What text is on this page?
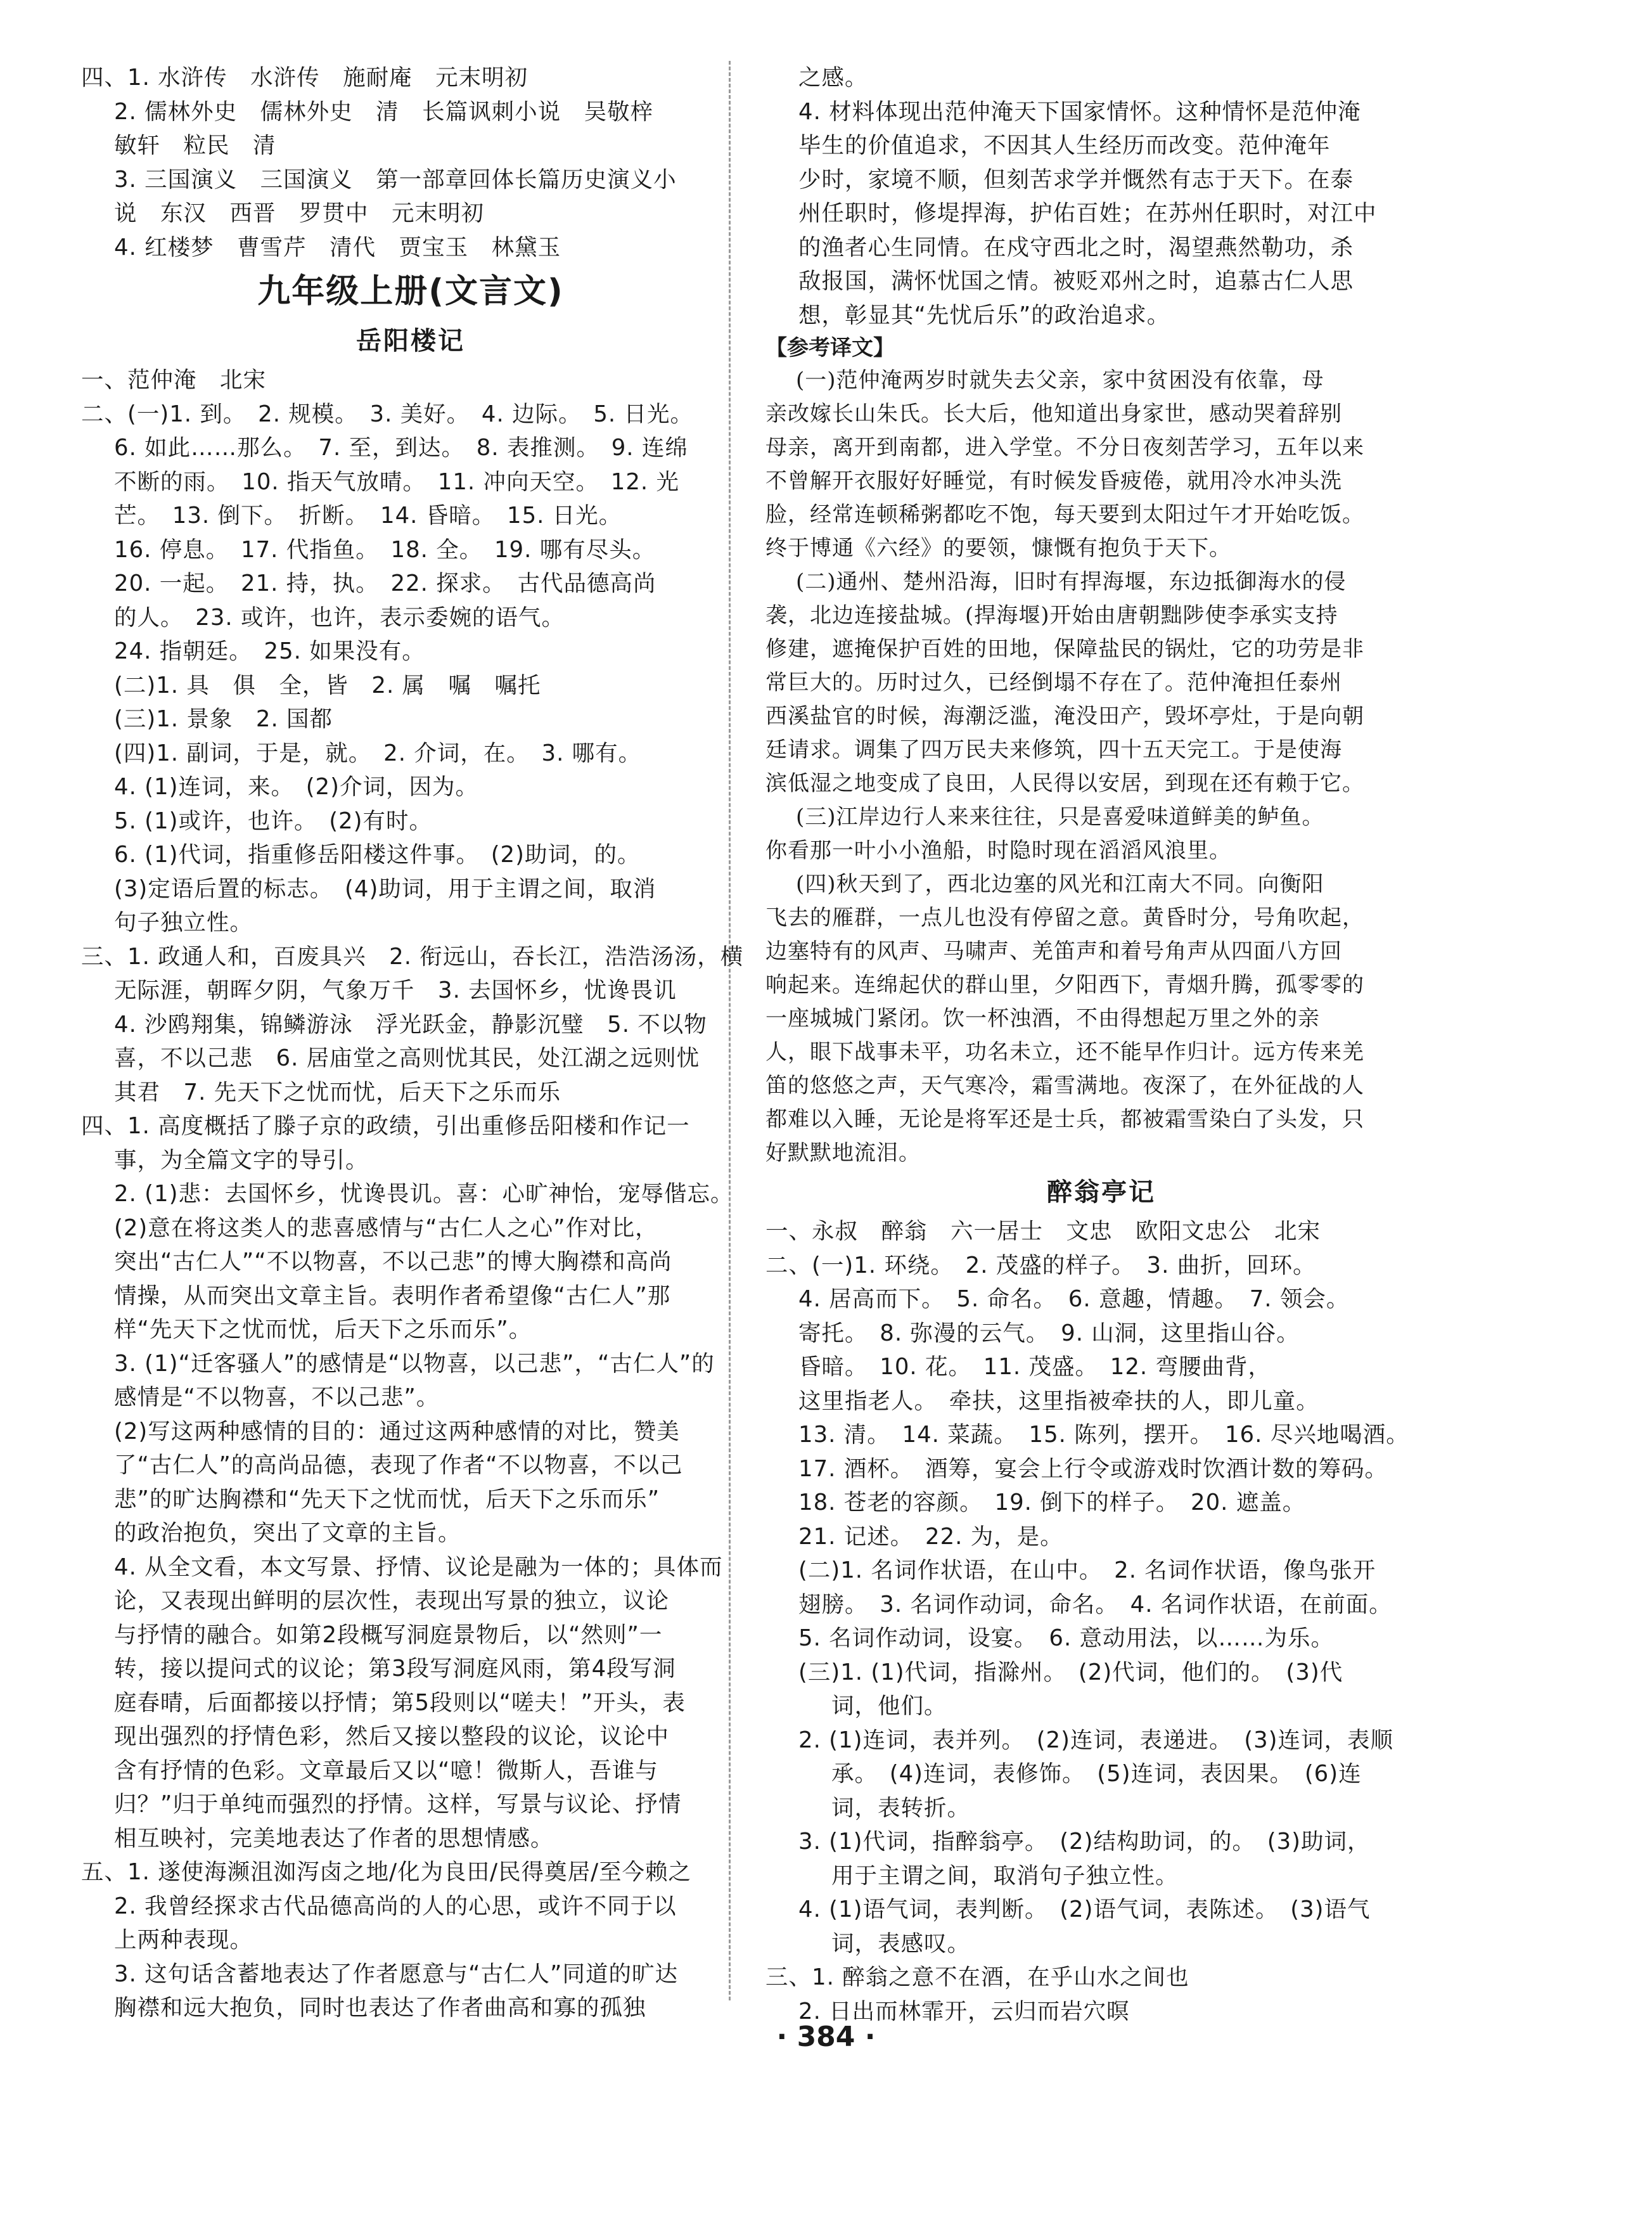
四、1. 水浒传　水浒传　施耐庵　元末明初
2. 儒林外史　儒林外史　清　长篇讽刺小说　吴敬梓
敏轩　粒民　清
3. 三国演义　三国演义　第一部章回体长篇历史演义小
说　东汉　西晋　罗贯中　元末明初
4. 红楼梦　曹雪芹　清代　贾宝玉　林黛玉
九年级上册(文言文)
岳阳楼记
一、范仲淹　北宋
二、(一)1. 到。　2. 规模。　3. 美好。　4. 边际。　5. 日光。
6. 如此……那么。　7. 至，到达。　8. 表推测。　9. 连绵
不断的雨。　10. 指天气放晴。　11. 冲向天空。　12. 光
芒。　13. 倒下。　折断。　14. 昏暗。　15. 日光。
16. 停息。　17. 代指鱼。　18. 全。　19. 哪有尽头。
20. 一起。　21. 持，执。　22. 探求。　古代品德高尚
的人。　23. 或许，也许，表示委婉的语气。
24. 指朝廷。　25. 如果没有。
(二)1. 具　俱　全，皆　2. 属　嘱　嘱托
(三)1. 景象　2. 国都
(四)1. 副词，于是，就。　2. 介词，在。　3. 哪有。
4. (1)连词，来。　(2)介词，因为。
5. (1)或许，也许。　(2)有时。
6. (1)代词，指重修岳阳楼这件事。　(2)助词，的。
(3)定语后置的标志。　(4)助词，用于主谓之间，取消
句子独立性。
三、1. 政通人和，百废具兴　2. 衔远山，吞长江，浩浩汤汤，横
无际涯，朝晖夕阴，气象万千　3. 去国怀乡，忧谗畏讥
4. 沙鸥翔集，锦鳞游泳　浮光跃金，静影沉璧　5. 不以物
喜，不以己悲　6. 居庙堂之高则忧其民，处江湖之远则忧
其君　7. 先天下之忧而忧，后天下之乐而乐
四、1. 高度概括了滕子京的政绩，引出重修岳阳楼和作记一
事，为全篇文字的导引。
2. (1)悲：去国怀乡，忧谗畏讥。喜：心旷神怡，宠辱偕忘。
(2)意在将这类人的悲喜感情与“古仁人之心”作对比，
突出“古仁人”“不以物喜，不以己悲”的博大胸襟和高尚
情操，从而突出文章主旨。表明作者希望像“古仁人”那
样“先天下之忧而忧，后天下之乐而乐”。
3. (1)“迁客骚人”的感情是“以物喜，以己悲”，“古仁人”的
感情是“不以物喜，不以己悲”。
(2)写这两种感情的目的：通过这两种感情的对比，赞美
了“古仁人”的高尚品德，表现了作者“不以物喜，不以己
悲”的旷达胸襟和“先天下之忧而忧，后天下之乐而乐”
的政治抱负，突出了文章的主旨。
4. 从全文看，本文写景、抒情、议论是融为一体的；具体而
论，又表现出鲜明的层次性，表现出写景的独立，议论
与抒情的融合。如第2段概写洞庭景物后，以“然则”一
转，接以提问式的议论；第3段写洞庭风雨，第4段写洞
庭春晴，后面都接以抒情；第5段则以“嗟夫！”开头，表
现出强烈的抒情色彩，然后又接以整段的议论，议论中
含有抒情的色彩。文章最后又以“噫！微斯人，吾谁与
归？”归于单纯而强烈的抒情。这样，写景与议论、抒情
相互映衬，完美地表达了作者的思想情感。
五、1. 遂使海濒沮洳泻卤之地/化为良田/民得奠居/至今赖之
2. 我曾经探求古代品德高尚的人的心思，或许不同于以
上两种表现。
3. 这句话含蓄地表达了作者愿意与“古仁人”同道的旷达
胸襟和远大抱负，同时也表达了作者曲高和寡的孤独
之感。
4. 材料体现出范仲淹天下国家情怀。这种情怀是范仲淹
毕生的价值追求，不因其人生经历而改变。范仲淹年
少时，家境不顺，但刻苦求学并慨然有志于天下。在泰
州任职时，修堤捍海，护佑百姓；在苏州任职时，对江中
的渔者心生同情。在戍守西北之时，渴望燕然勒功，杀
敌报国，满怀忧国之情。被贬邓州之时，追慕古仁人思
想，彰显其“先忧后乐”的政治追求。
【参考译文】
(一)范仲淹两岁时就失去父亲，家中贫困没有依靠，母
亲改嫁长山朱氏。长大后，他知道出身家世，感动哭着辞别
母亲，离开到南都，进入学堂。不分日夜刻苦学习，五年以来
不曾解开衣服好好睡觉，有时候发昏疲倦，就用冷水冲头洗
脸，经常连顿稀粥都吃不饱，每天要到太阳过午才开始吃饭。
终于博通《六经》的要领，慷慨有抱负于天下。
(二)通州、楚州沿海，旧时有捍海堰，东边抵御海水的侵
袭，北边连接盐城。(捍海堰)开始由唐朝黜陟使李承实支持
修建，遮掩保护百姓的田地，保障盐民的锅灶，它的功劳是非
常巨大的。历时过久，已经倒塌不存在了。范仲淹担任泰州
西溪盐官的时候，海潮泛滥，淹没田产，毁坏亭灶，于是向朝
廷请求。调集了四万民夫来修筑，四十五天完工。于是使海
滨低湿之地变成了良田，人民得以安居，到现在还有赖于它。
(三)江岸边行人来来往往，只是喜爱味道鲜美的鲈鱼。
你看那一叶小小渔船，时隐时现在滔滔风浪里。
(四)秋天到了，西北边塞的风光和江南大不同。向衡阳
飞去的雁群，一点儿也没有停留之意。黄昏时分，号角吹起，
边塞特有的风声、马啸声、羌笛声和着号角声从四面八方回
响起来。连绵起伏的群山里，夕阳西下，青烟升腾，孤零零的
一座城城门紧闭。饮一杯浊酒，不由得想起万里之外的亲
人，眼下战事未平，功名未立，还不能早作归计。远方传来羌
笛的悠悠之声，天气寒冷，霜雪满地。夜深了，在外征战的人
都难以入睡，无论是将军还是士兵，都被霜雪染白了头发，只
好默默地流泪。
醉翁亭记
一、永叔　醉翁　六一居士　文忠　欧阳文忠公　北宋
二、(一)1. 环绕。　2. 茂盛的样子。　3. 曲折，回环。
4. 居高而下。　5. 命名。　6. 意趣，情趣。　7. 领会。
寄托。　8. 弥漫的云气。　9. 山洞，这里指山谷。
昏暗。　10. 花。　11. 茂盛。　12. 弯腰曲背，
这里指老人。　牵扶，这里指被牵扶的人，即儿童。
13. 清。　14. 菜蔬。　15. 陈列，摆开。　16. 尽兴地喝酒。
17. 酒杯。　酒筹，宴会上行令或游戏时饮酒计数的筹码。
18. 苍老的容颜。　19. 倒下的样子。　20. 遮盖。
21. 记述。　22. 为，是。
(二)1. 名词作状语，在山中。　2. 名词作状语，像鸟张开
翅膀。　3. 名词作动词，命名。　4. 名词作状语，在前面。
5. 名词作动词，设宴。　6. 意动用法，以……为乐。
(三)1. (1)代词，指滁州。　(2)代词，他们的。　(3)代
词，他们。
2. (1)连词，表并列。　(2)连词，表递进。　(3)连词，表顺
承。　(4)连词，表修饰。　(5)连词，表因果。　(6)连
词，表转折。
3. (1)代词，指醉翁亭。　(2)结构助词，的。　(3)助词，
用于主谓之间，取消句子独立性。
4. (1)语气词，表判断。　(2)语气词，表陈述。　(3)语气
词，表感叹。
三、1. 醉翁之意不在酒，在乎山水之间也
2. 日出而林霏开，云归而岩穴暝
· 384 ·
